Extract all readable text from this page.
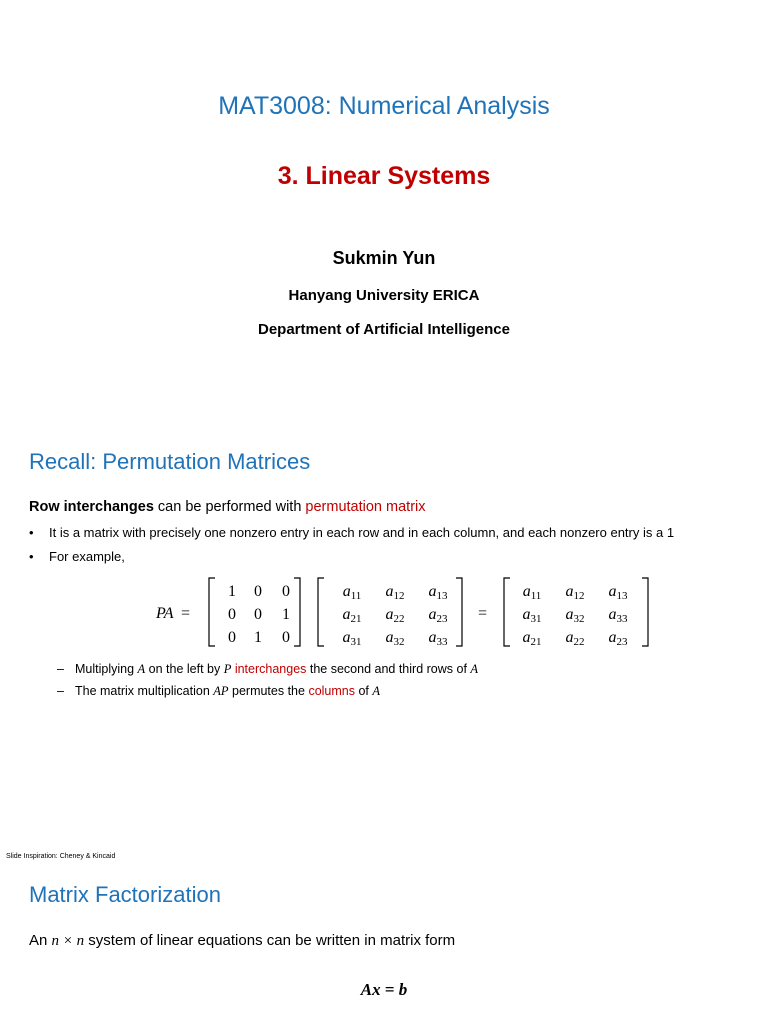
MAT3008: Numerical Analysis
3. Linear Systems
Sukmin Yun
Hanyang University ERICA
Department of Artificial Intelligence
Recall: Permutation Matrices
Row interchanges can be performed with permutation matrix
• It is a matrix with precisely one nonzero entry in each row and in each column, and each nonzero entry is a 1
• For example,
PA =
1 0 0
0 0 1
0 1 0
a11 a12 a13
a21 a22 a23
a31 a32 a33
=
a11 a12 a13
a31 a32 a33
a21 a22 a23
– Multiplying A on the left by P interchanges the second and third rows of A
– The matrix multiplication AP permutes the columns of A
Slide Inspiration: Cheney & Kincaid
Matrix Factorization
An n × n system of linear equations can be written in matrix form
Ax = b
